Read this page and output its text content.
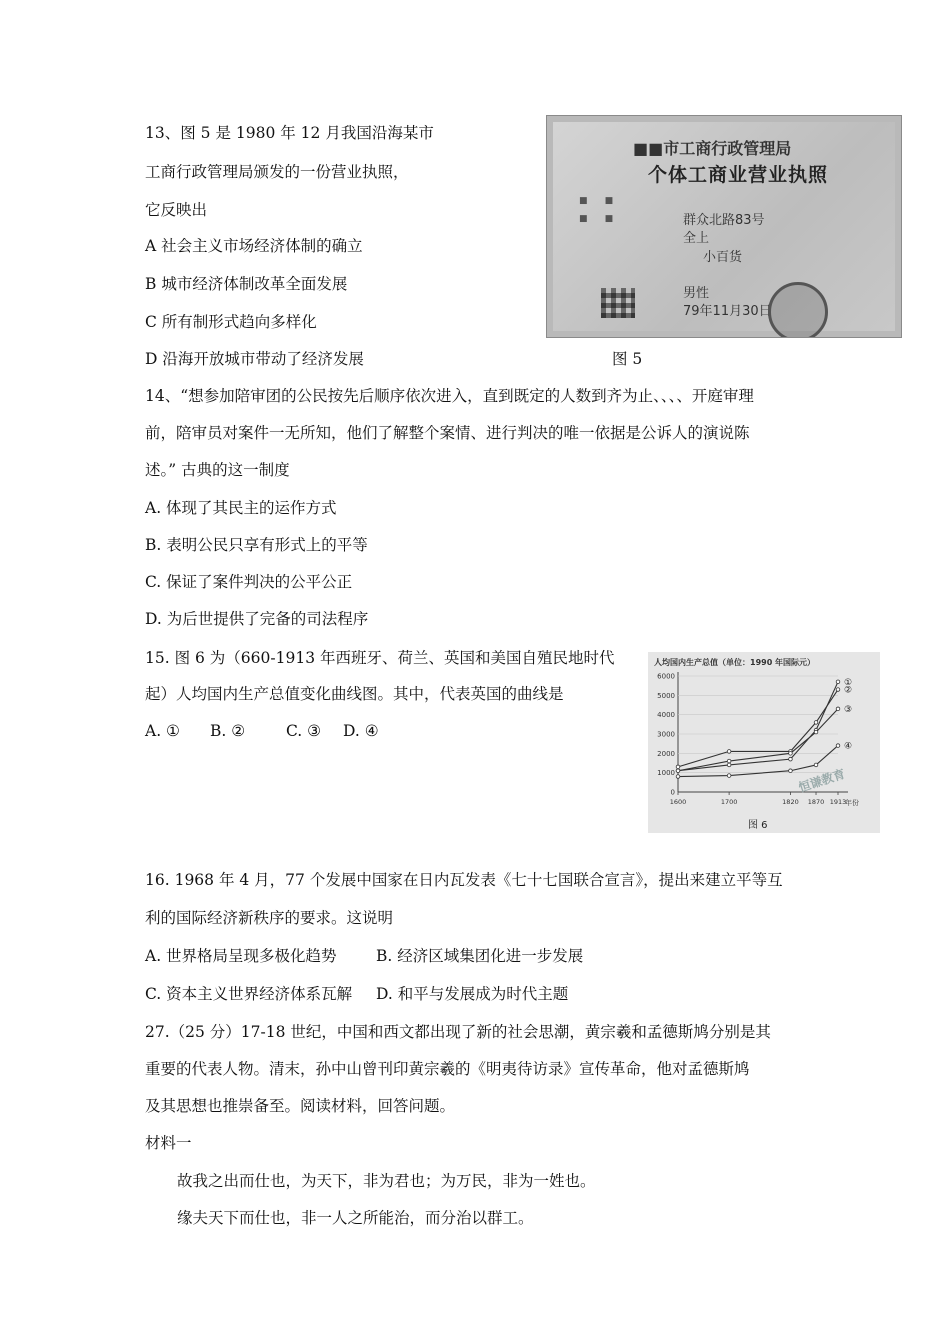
13、图 5 是 1980 年 12 月我国沿海某市
工商行政管理局颁发的一份营业执照，
它反映出
A 社会主义市场经济体制的确立
B 城市经济体制改革全面发展
C 所有制形式趋向多样化
D 沿海开放城市带动了经济发展	图 5
■■市工商行政管理局
个体工商业营业执照
■      ■
■      ■	群众北路83号
全上
小百货
男性
79年11月30日
14、“想参加陪审团的公民按先后顺序依次进入，直到既定的人数到齐为止、、、、开庭审理
前，陪审员对案件一无所知，他们了解整个案情、进行判决的唯一依据是公诉人的演说陈
述。” 古典的这一制度
A. 体现了其民主的运作方式
B. 表明公民只享有形式上的平等
C. 保证了案件判决的公平公正
D. 为后世提供了完备的司法程序
15. 图 6 为（660-1913 年西班牙、荷兰、英国和美国自殖民地时代
起）人均国内生产总值变化曲线图。其中，代表英国的曲线是
A. ① B. ②	C. ③ D. ④
人均国内生产总值（单位：1990 年国际元）
1000
2000
3000
4000
5000
6000
0
1600	1700	1820 1870 1913
①
②
③
④
年份
恒谦教育
图 6
16. 1968 年 4 月，77 个发展中国家在日内瓦发表《七十七国联合宣言》，提出来建立平等互
利的国际经济新秩序的要求。这说明
A. 世界格局呈现多极化趋势	B. 经济区域集团化进一步发展
C. 资本主义世界经济体系瓦解 D. 和平与发展成为时代主题
27.（25 分）17-18 世纪，中国和西文都出现了新的社会思潮，黄宗羲和孟德斯鸠分别是其
重要的代表人物。清末，孙中山曾刊印黄宗羲的《明夷待访录》宣传革命，他对孟德斯鸠
及其思想也推崇备至。阅读材料，回答问题。
材料一
故我之出而仕也，为天下，非为君也；为万民，非为一姓也。
缘夫天下而仕也，非一人之所能治，而分治以群工。
